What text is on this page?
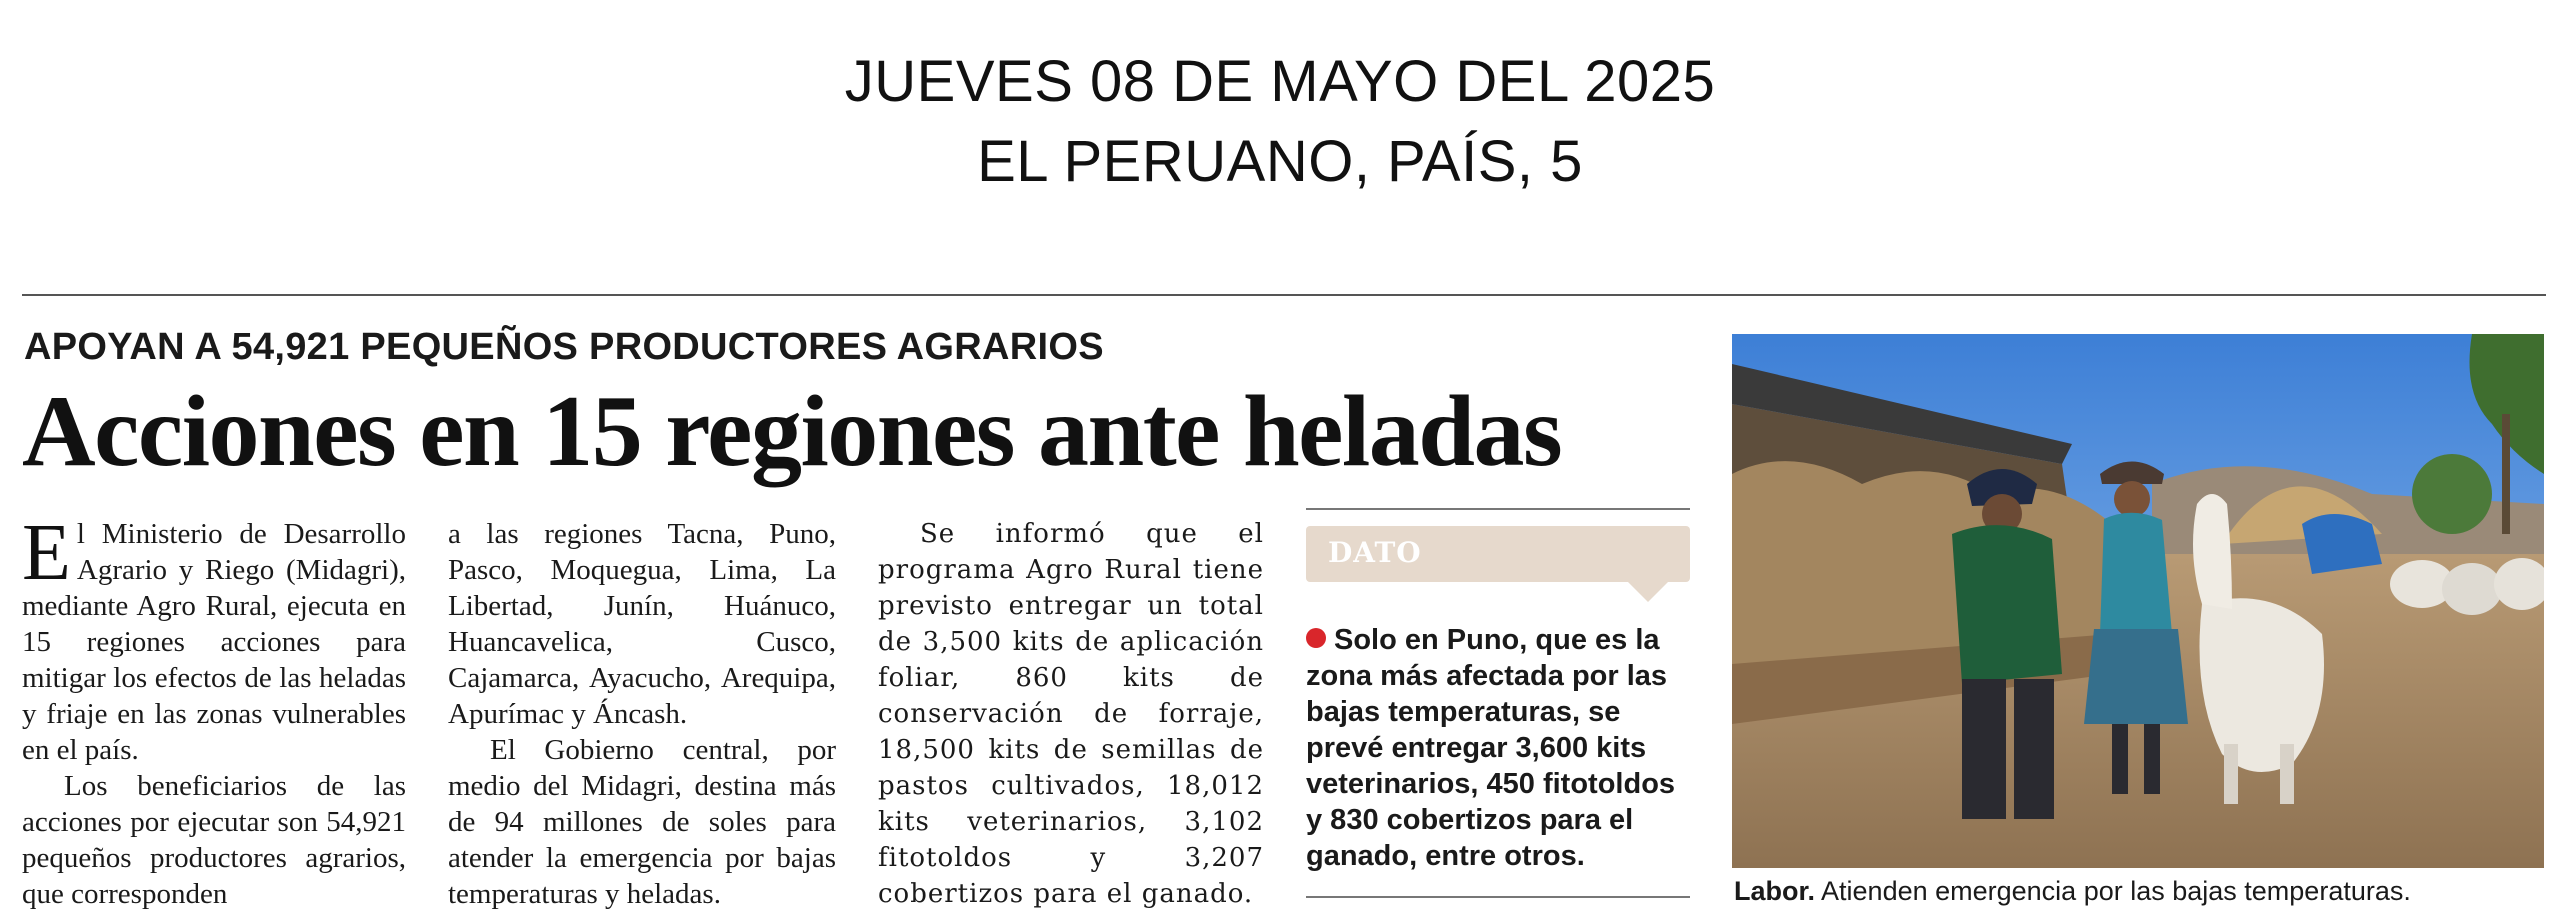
JUEVES 08 DE MAYO DEL 2025
EL PERUANO, PAÍS, 5
APOYAN A 54,921 PEQUEÑOS PRODUCTORES AGRARIOS
Acciones en 15 regiones ante heladas

El Ministerio de Desarrollo Agrario y Riego (Midagri), mediante Agro Rural, ejecuta en 15 regiones acciones para mitigar los efectos de las heladas y friaje en las zonas vulnerables en el país.

Los beneficiarios de las acciones por ejecutar son 54,921 pequeños productores agrarios, que corresponden

a las regiones Tacna, Puno, Pasco, Moquegua, Lima, La Libertad, Junín, Huánuco, Huancavelica, Cusco, Cajamarca, Ayacucho, Arequipa, Apurímac y Áncash.

El Gobierno central, por medio del Midagri, destina más de 94 millones de soles para atender la emergencia por bajas temperaturas y heladas.

Se informó que el programa Agro Rural tiene previsto entregar un total de 3,500 kits de aplicación foliar, 860 kits de conservación de forraje, 18,500 kits de semillas de pastos cultivados, 18,012 kits veterinarios, 3,102 fitotoldos y 3,207 cobertizos para el ganado.

DATO
Solo en Puno, que es la zona más afectada por las bajas temperaturas, se prevé entregar 3,600 kits veterinarios, 450 fitotoldos y 830 cobertizos para el ganado, entre otros.
Labor. Atienden emergencia por las bajas temperaturas.
